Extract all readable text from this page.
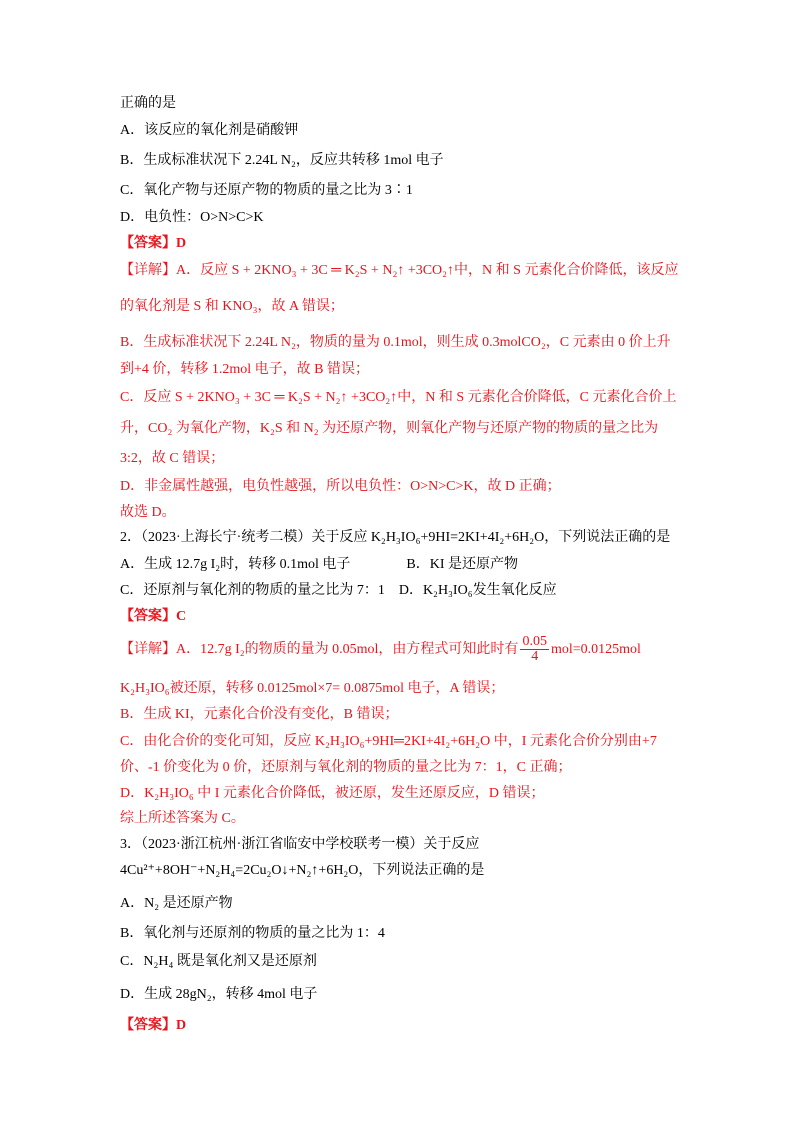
正确的是
A．该反应的氧化剂是硝酸钾
B．生成标准状况下 2.24L N₂，反应共转移 1mol 电子
C．氧化产物与还原产物的物质的量之比为 3∶1
D．电负性：O>N>C>K
【答案】D
【详解】A．反应 S + 2KNO₃ + 3C ═ K₂S + N₂↑ +3CO₂↑中，N 和 S 元素化合价降低，该反应
的氧化剂是 S 和 KNO₃，故 A 错误；
B．生成标准状况下 2.24L N₂，物质的量为 0.1mol，则生成 0.3molCO₂，C 元素由 0 价上升
到+4 价，转移 1.2mol 电子，故 B 错误；
C．反应 S + 2KNO₃ + 3C ═ K₂S + N₂↑ +3CO₂↑中，N 和 S 元素化合价降低，C 元素化合价上
升，CO₂ 为氧化产物，K₂S 和 N₂ 为还原产物，则氧化产物与还原产物的物质的量之比为
3:2，故 C 错误；
D．非金属性越强，电负性越强，所以电负性：O>N>C>K，故 D 正确；
故选 D。
2．（2023·上海长宁·统考二模）关于反应 K₂H₃IO₆+9HI=2KI+4I₂+6H₂O，下列说法正确的是
A．生成 12.7g I₂时，转移 0.1mol 电子　　　　B．KI 是还原产物
C．还原剂与氧化剂的物质的量之比为 7：1　D．K₂H₃IO₆发生氧化反应
【答案】C
【详解】A．12.7g I₂的物质的量为 0.05mol，由方程式可知此时有 $\frac{0.05}{4} mol=0.0125mol$
K₂H₃IO₆被还原，转移 0.0125mol×7= 0.0875mol 电子，A 错误；
B．生成 KI，元素化合价没有变化，B 错误；
C．由化合价的变化可知，反应 K₂H₃IO₆+9HI═2KI+4I₂+6H₂O 中，I 元素化合价分别由+7
价、-1 价变化为 0 价，还原剂与氧化剂的物质的量之比为 7：1，C 正确；
D．K₂H₃IO₆ 中 I 元素化合价降低，被还原，发生还原反应，D 错误；
综上所述答案为 C。
3．（2023·浙江杭州·浙江省临安中学校联考一模）关于反应
4Cu²⁺+8OH⁻+N₂H₄=2Cu₂O↓+N₂↑+6H₂O，下列说法正确的是
A．N₂ 是还原产物
B．氧化剂与还原剂的物质的量之比为 1：4
C．N₂H₄ 既是氧化剂又是还原剂
D．生成 28gN₂，转移 4mol 电子
【答案】D
